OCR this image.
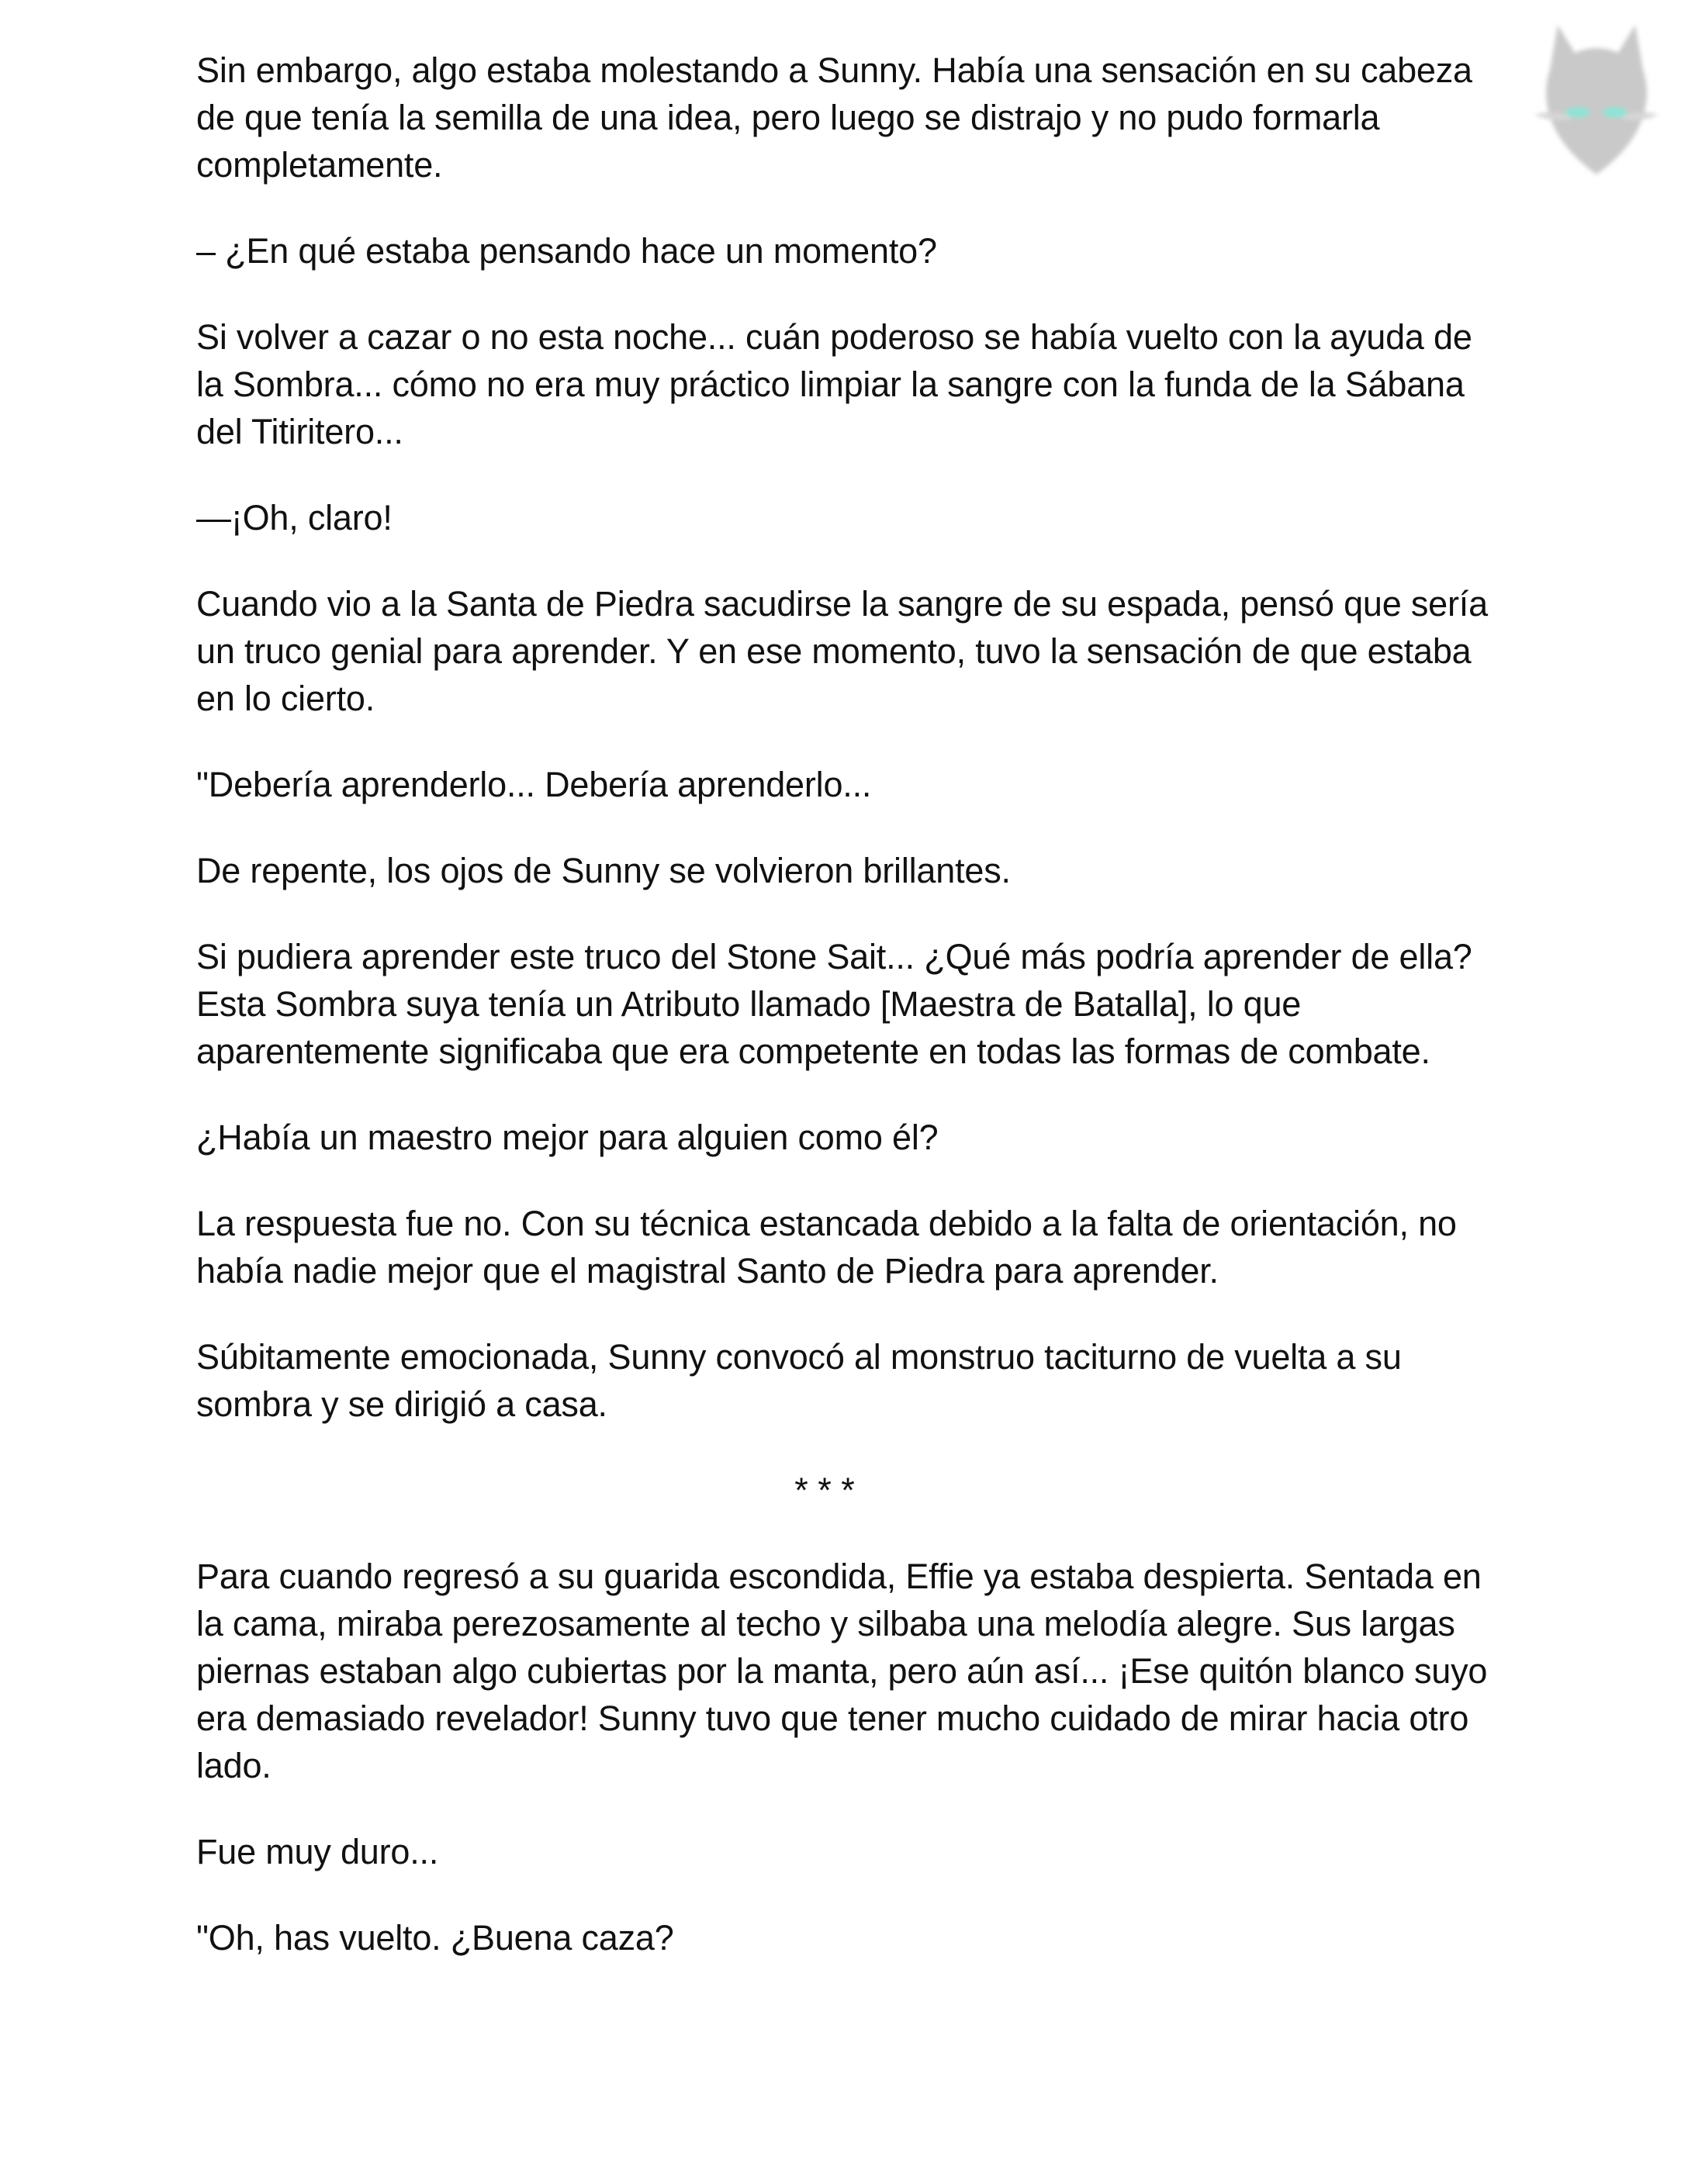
Sin embargo, algo estaba molestando a Sunny. Había una sensación en su cabeza de que tenía la semilla de una idea, pero luego se distrajo y no pudo formarla completamente.

– ¿En qué estaba pensando hace un momento?

Si volver a cazar o no esta noche... cuán poderoso se había vuelto con la ayuda de la Sombra... cómo no era muy práctico limpiar la sangre con la funda de la Sábana del Titiritero...

—¡Oh, claro!

Cuando vio a la Santa de Piedra sacudirse la sangre de su espada, pensó que sería un truco genial para aprender. Y en ese momento, tuvo la sensación de que estaba en lo cierto.

"Debería aprenderlo... Debería aprenderlo...

De repente, los ojos de Sunny se volvieron brillantes.

Si pudiera aprender este truco del Stone Sait... ¿Qué más podría aprender de ella? Esta Sombra suya tenía un Atributo llamado [Maestra de Batalla], lo que aparentemente significaba que era competente en todas las formas de combate.

¿Había un maestro mejor para alguien como él?

La respuesta fue no. Con su técnica estancada debido a la falta de orientación, no había nadie mejor que el magistral Santo de Piedra para aprender.

Súbitamente emocionada, Sunny convocó al monstruo taciturno de vuelta a su sombra y se dirigió a casa.

* * *

Para cuando regresó a su guarida escondida, Effie ya estaba despierta. Sentada en la cama, miraba perezosamente al techo y silbaba una melodía alegre. Sus largas piernas estaban algo cubiertas por la manta, pero aún así... ¡Ese quitón blanco suyo era demasiado revelador! Sunny tuvo que tener mucho cuidado de mirar hacia otro lado.

Fue muy duro...

"Oh, has vuelto. ¿Buena caza?
